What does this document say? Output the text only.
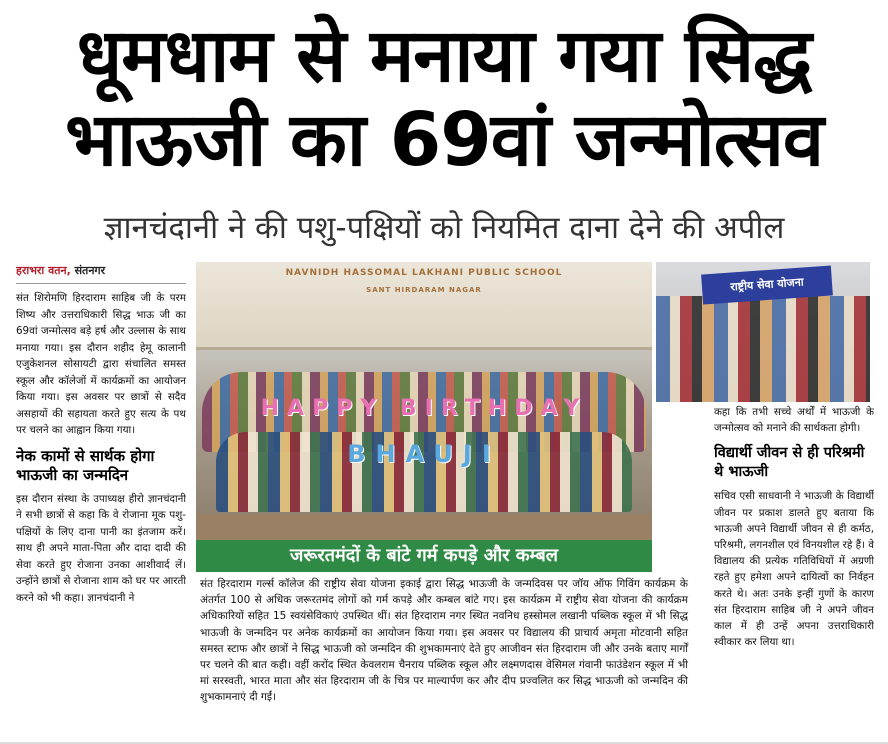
धूमधाम से मनाया गया सिद्ध
भाऊजी का 69वां जन्मोत्सव
ज्ञानचंदानी ने की पशु-पक्षियों को नियमित दाना देने की अपील
हराभरा वतन, संतनगर

संत शिरोमणि हिरदाराम साहिब जी के परम शिष्य और उत्तराधिकारी सिद्ध भाऊ जी का 69वां जन्मोत्सव बड़े हर्ष और उल्लास के साथ मनाया गया। इस दौरान शहीद हेमू कालानी एजुकेशनल सोसायटी द्वारा संचालित समस्त स्कूल और कॉलेजों में कार्यक्रमों का आयोजन किया गया। इस अवसर पर छात्रों से सदैव असहायों की सहायता करते हुए सत्य के पथ पर चलने का आह्वान किया गया।

नेक कामों से सार्थक होगा भाऊजी का जन्मदिन

इस दौरान संस्था के उपाध्यक्ष हीरो ज्ञानचंदानी ने सभी छात्रों से कहा कि वे रोजाना मूक पशु-पक्षियों के लिए दाना पानी का इंतजाम करें। साथ ही अपने माता-पिता और दादा दादी की सेवा करते हुए रोजाना उनका आशीवार्द लें। उन्होंने छात्रों से रोजाना शाम को घर पर आरती करने को भी कहा। ज्ञानचंदानी ने

NAVNIDH HASSOMAL LAKHANI PUBLIC SCHOOL
SANT HIRDARAM NAGAR
HAPPY BIRTHDAY
BHAUJI
जरूरतमंदों के बांटे गर्म कपड़े और कम्बल

संत हिरदाराम गर्ल्स कॉलेज की राष्ट्रीय सेवा योजना इकाई द्वारा सिद्ध भाऊजी के जन्मदिवस पर जॉय ऑफ गिविंग कार्यक्रम के अंतर्गत 100 से अधिक जरूरतमंद लोगों को गर्म कपड़े और कम्बल बांटे गए। इस कार्यक्रम में राष्ट्रीय सेवा योजना की कार्यक्रम अधिकारियों सहित 15 स्वयंसेविकाएं उपस्थित थीं। संत हिरदाराम नगर स्थित नवनिध हस्सोमल लखानी पब्लिक स्कूल में भी सिद्ध भाऊजी के जन्मदिन पर अनेक कार्यक्रमों का आयोजन किया गया। इस अवसर पर विद्यालय की प्राचार्य अमृता मोटवानी सहित समस्त स्टाफ और छात्रों ने सिद्ध भाऊजी को जन्मदिन की शुभकामनाएं देते हुए आजीवन संत हिरदाराम जी और उनके बताए मार्गों पर चलने की बात कही। वहीं करोंद स्थित केवलराम चैनराय पब्लिक स्कूल और लक्ष्मणदास वेसिमल गंवानी फाउंडेशन स्कूल में भी मां सरस्वती, भारत माता और संत हिरदाराम जी के चित्र पर माल्यार्पण कर और दीप प्रज्वलित कर सिद्ध भाऊजी को जन्मदिन की शुभकामनाएं दी गईं।

राष्ट्रीय सेवा योजना

कहा कि तभी सच्चे अर्थों में भाऊजी के जन्मोत्सव को मनाने की सार्थकता होगी।

विद्यार्थी जीवन से ही परिश्रमी थे भाऊजी

सचिव एसी साधवानी ने भाऊजी के विद्यार्थी जीवन पर प्रकाश डालते हुए बताया कि भाऊजी अपने विद्यार्थी जीवन से ही कर्मठ, परिश्रमी, लगनशील एवं विनयशील रहे हैं। वे विद्यालय की प्रत्येक गतिविधियों में अग्रणी रहते हुए हमेशा अपने दायित्वों का निर्वहन करते थे। अतः उनके इन्हीं गुणों के कारण संत हिरदाराम साहिब जी ने अपने जीवन काल में ही उन्हें अपना उत्तराधिकारी स्वीकार कर लिया था।
